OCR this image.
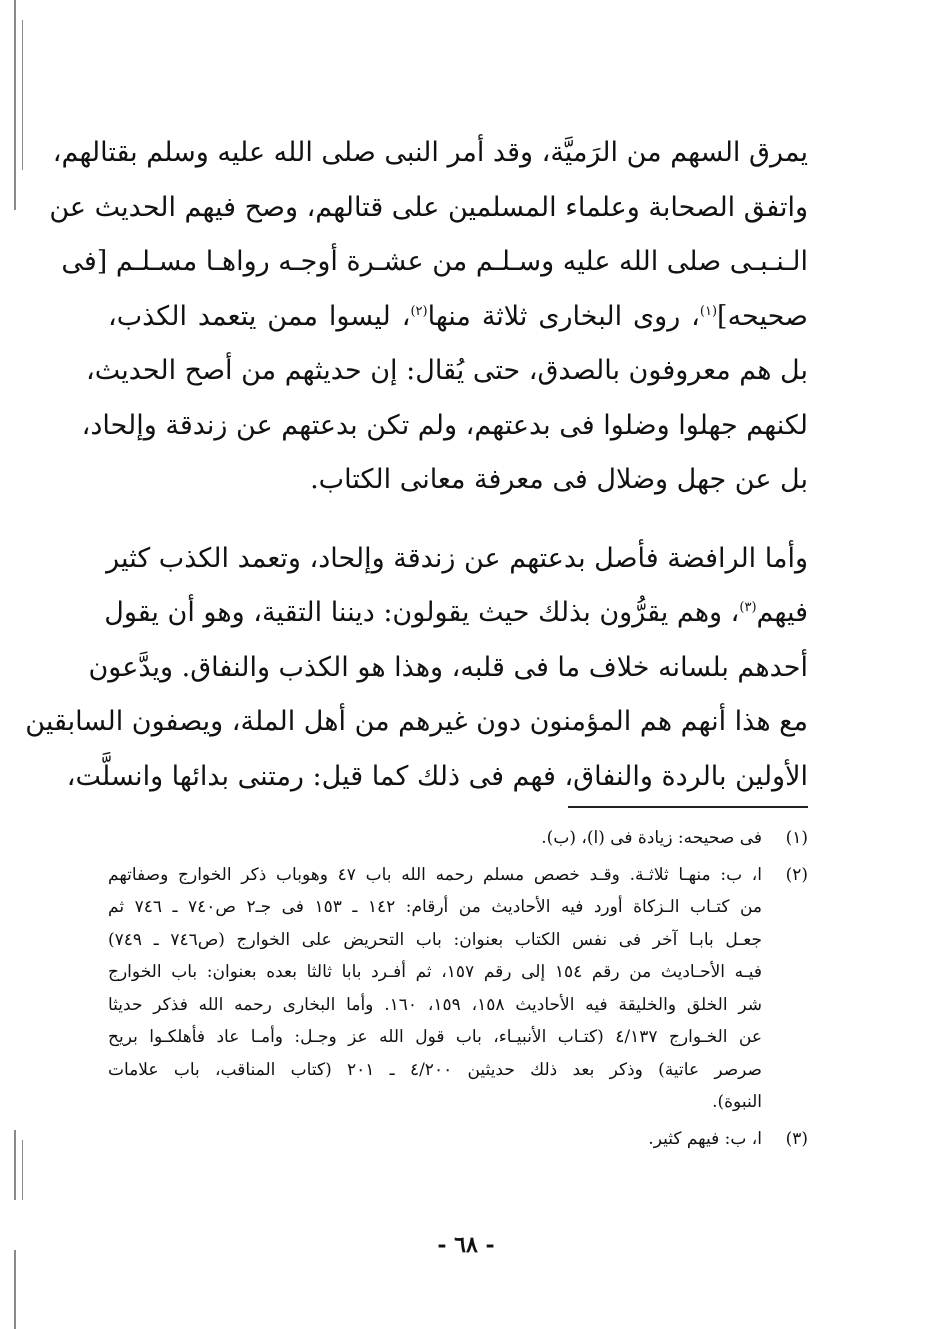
يمرق السهم من الرَميَّة، وقد أمر النبى صلى الله عليه وسلم بقتالهم،
واتفق الصحابة وعلماء المسلمين على قتالهم، وصح فيهم الحديث عن
الـنـبـى صلى الله عليه وسـلـم من عشـرة أوجـه رواهـا مسـلـم [فى
صحيحه]$^{(١)}$، روى البخارى ثلاثة منها$^{(٢)}$، ليسوا ممن يتعمد الكذب،
بل هم معروفون بالصدق، حتى يُقال: إن حديثهم من أصح الحديث،
لكنهم جهلوا وضلوا فى بدعتهم، ولم تكن بدعتهم عن زندقة وإلحاد،
بل عن جهل وضلال فى معرفة معانى الكتاب.

وأما الرافضة فأصل بدعتهم عن زندقة وإلحاد، وتعمد الكذب كثير
فيهم$^{(٣)}$، وهم يقرُّون بذلك حيث يقولون: ديننا التقية، وهو أن يقول
أحدهم بلسانه خلاف ما فى قلبه، وهذا هو الكذب والنفاق. ويدَّعون
مع هذا أنهم هم المؤمنون دون غيرهم من أهل الملة، ويصفون السابقين
الأولين بالردة والنفاق، فهم فى ذلك كما قيل: رمتنى بدائها وانسلَّت،

(١)
فى صحيحه: زيادة فى (ا)، (ب).
(٢)
ا، ب: منهـا ثلاثـة. وقـد خصص مسلم رحمه الله باب ٤٧ وهوباب ذكر الخوارج وصفاتهم
من كتـاب الـزكاة أورد فيه الأحاديث من أرقام: ١٤٢ ـ ١٥٣ فى جـ٢ ص٧٤٠ ـ ٧٤٦ ثم
جعـل بابـا آخر فى نفس الكتاب بعنوان: باب التحريض على الخوارج (ص٧٤٦ ـ ٧٤٩)
فيـه الأحـاديث من رقم ١٥٤ إلى رقم ١٥٧، ثم أفـرد بابا ثالثا بعده بعنوان: باب الخوارج
شر الخلق والخليقة فيه الأحاديث ١٥٨، ١٥٩، ١٦٠. وأما البخارى رحمه الله فذكر حديثا
عن الخـوارج ٤/١٣٧ (كتـاب الأنبيـاء، باب قول الله عز وجـل: وأمـا عاد فأهلكـوا بريح
صرصر عاتية) وذكر بعد ذلك حديثين ٤/٢٠٠ ـ ٢٠١ (كتاب المناقب، باب علامات
النبوة).
(٣)
ا، ب: فيهم كثير.
- ٦٨ -
